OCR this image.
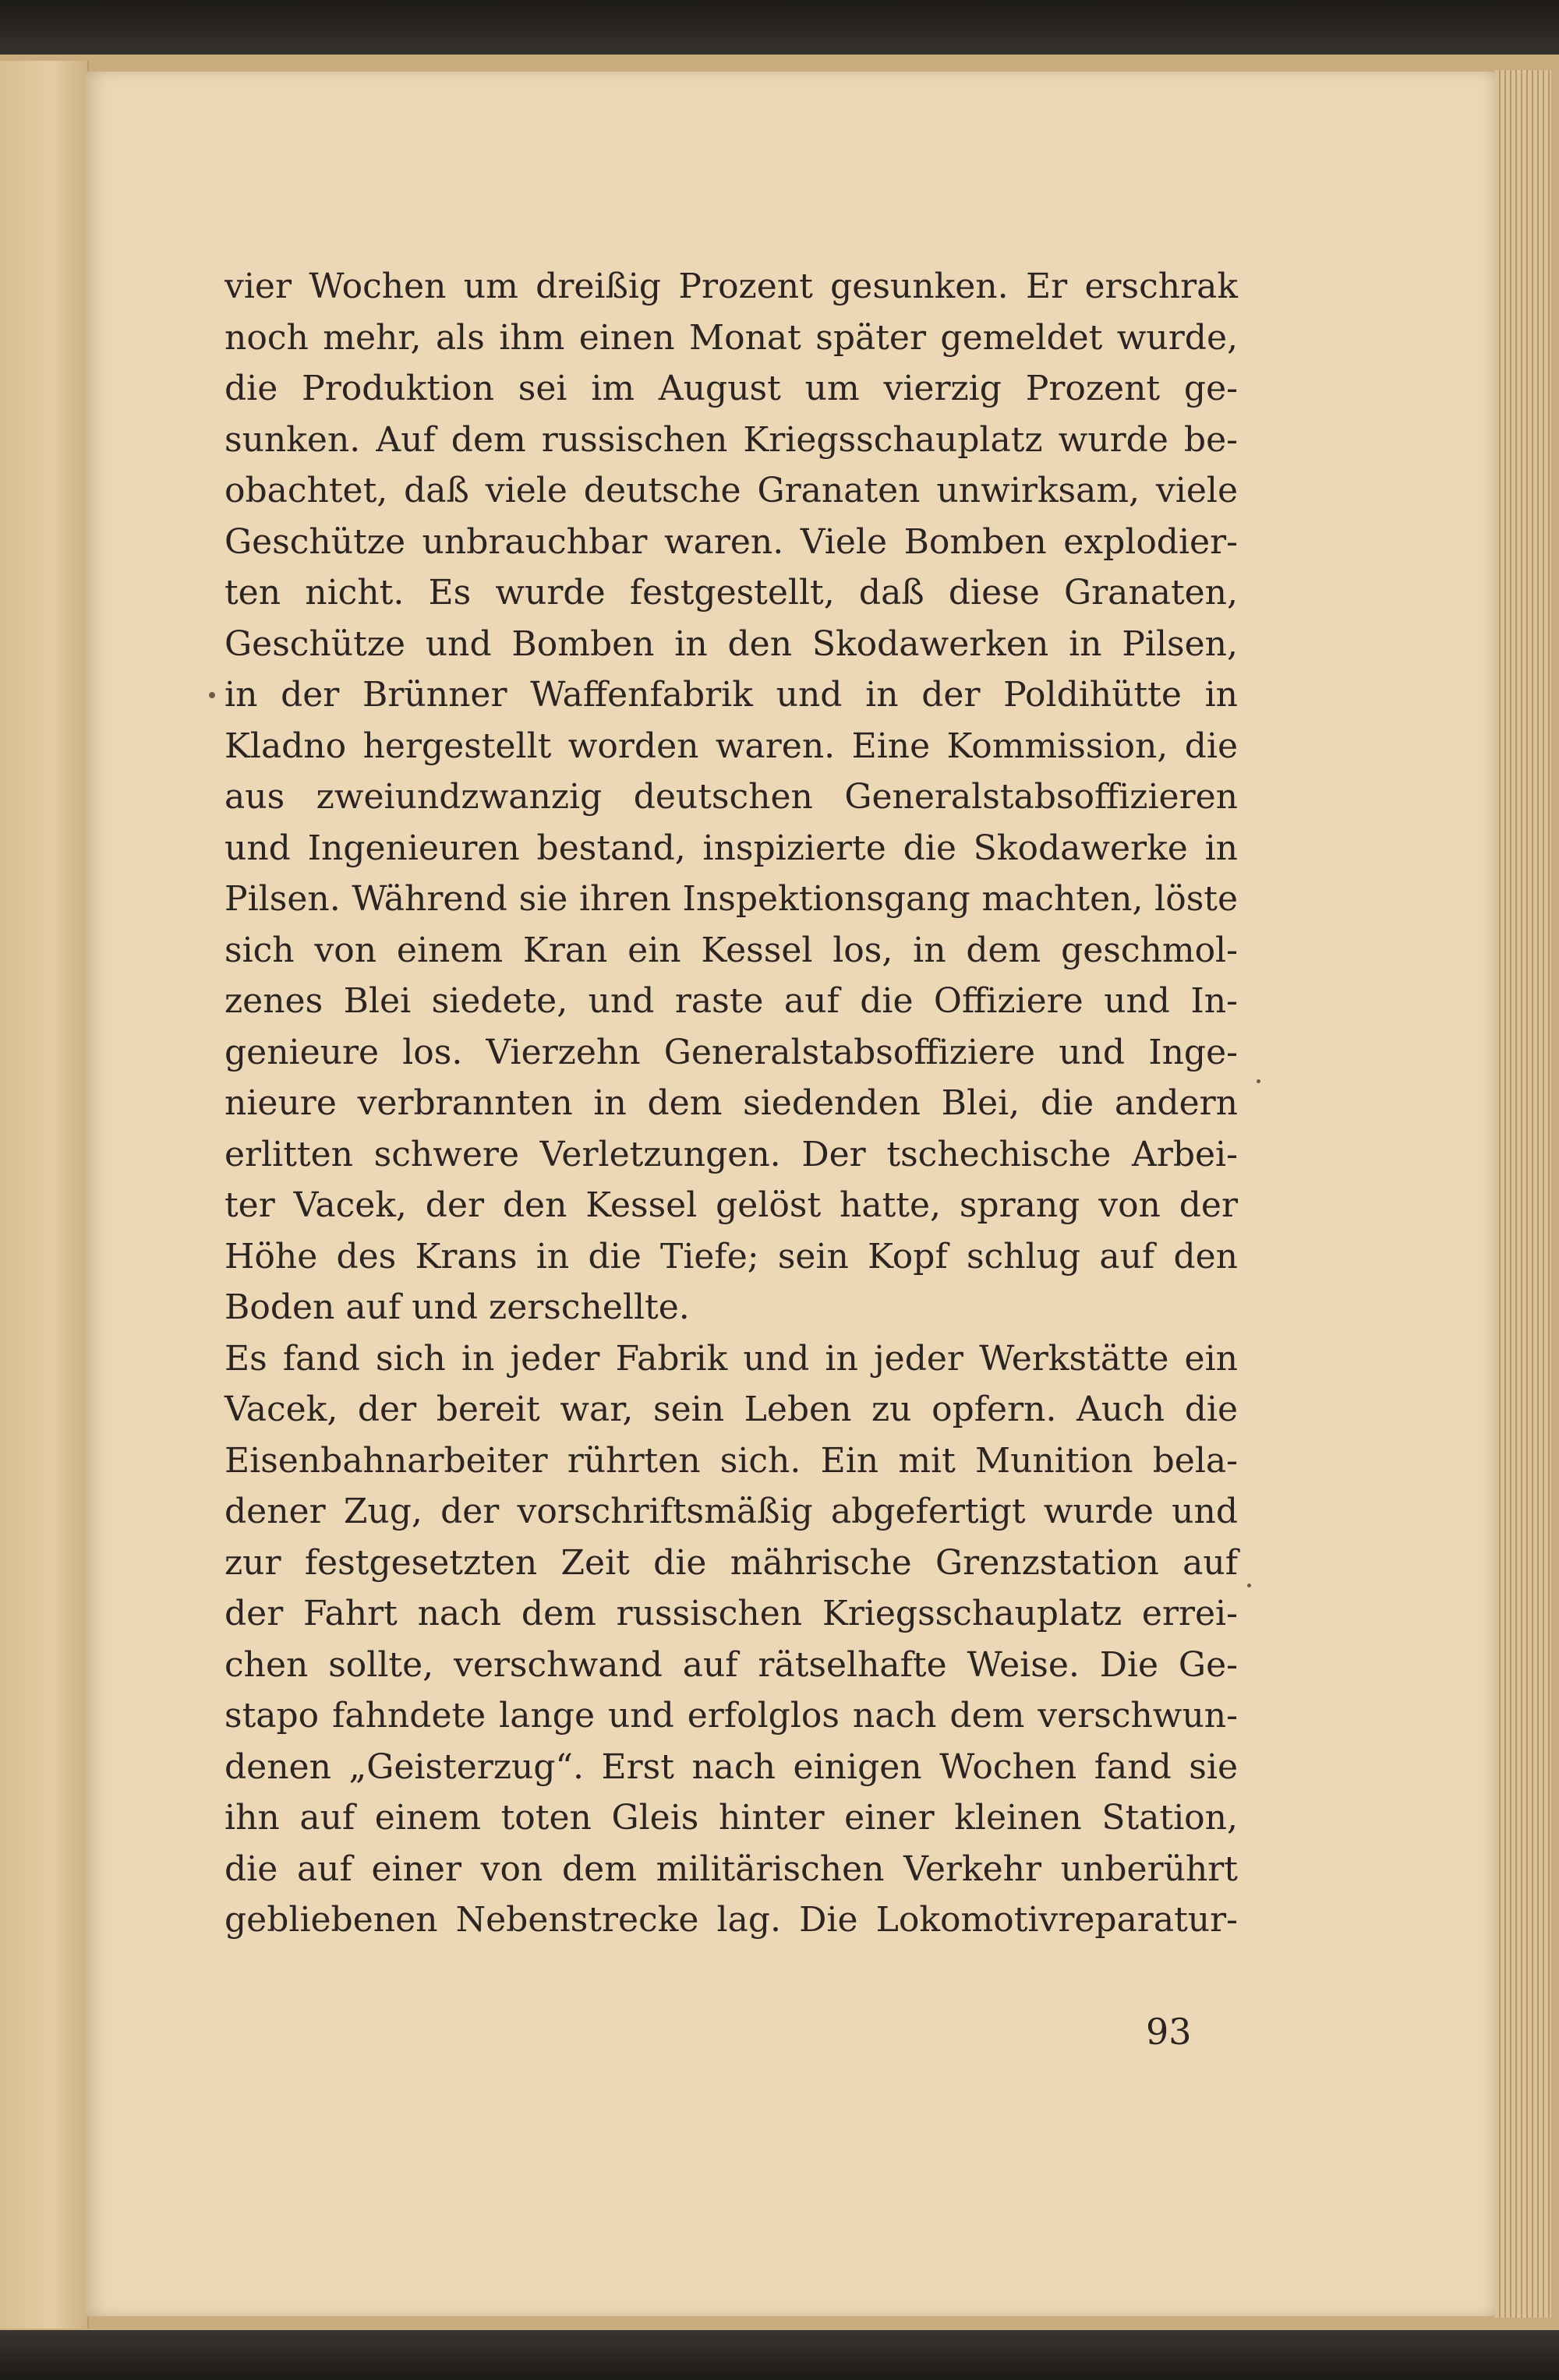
vier Wochen um dreißig Prozent gesunken. Er erschrak
noch mehr, als ihm einen Monat später gemeldet wurde,
die Produktion sei im August um vierzig Prozent ge-
sunken. Auf dem russischen Kriegsschauplatz wurde be-
obachtet, daß viele deutsche Granaten unwirksam, viele
Geschütze unbrauchbar waren. Viele Bomben explodier-
ten nicht. Es wurde festgestellt, daß diese Granaten,
Geschütze und Bomben in den Skodawerken in Pilsen,
in der Brünner Waffenfabrik und in der Poldihütte in
Kladno hergestellt worden waren. Eine Kommission, die
aus zweiundzwanzig deutschen Generalstabsoffizieren
und Ingenieuren bestand, inspizierte die Skodawerke in
Pilsen. Während sie ihren Inspektionsgang machten, löste
sich von einem Kran ein Kessel los, in dem geschmol-
zenes Blei siedete, und raste auf die Offiziere und In-
genieure los. Vierzehn Generalstabsoffiziere und Inge-
nieure verbrannten in dem siedenden Blei, die andern
erlitten schwere Verletzungen. Der tschechische Arbei-
ter Vacek, der den Kessel gelöst hatte, sprang von der
Höhe des Krans in die Tiefe; sein Kopf schlug auf den
Boden auf und zerschellte.
Es fand sich in jeder Fabrik und in jeder Werkstätte ein
Vacek, der bereit war, sein Leben zu opfern. Auch die
Eisenbahnarbeiter rührten sich. Ein mit Munition bela-
dener Zug, der vorschriftsmäßig abgefertigt wurde und
zur festgesetzten Zeit die mährische Grenzstation auf
der Fahrt nach dem russischen Kriegsschauplatz errei-
chen sollte, verschwand auf rätselhafte Weise. Die Ge-
stapo fahndete lange und erfolglos nach dem verschwun-
denen „Geisterzug“. Erst nach einigen Wochen fand sie
ihn auf einem toten Gleis hinter einer kleinen Station,
die auf einer von dem militärischen Verkehr unberührt
gebliebenen Nebenstrecke lag. Die Lokomotivreparatur-
93
